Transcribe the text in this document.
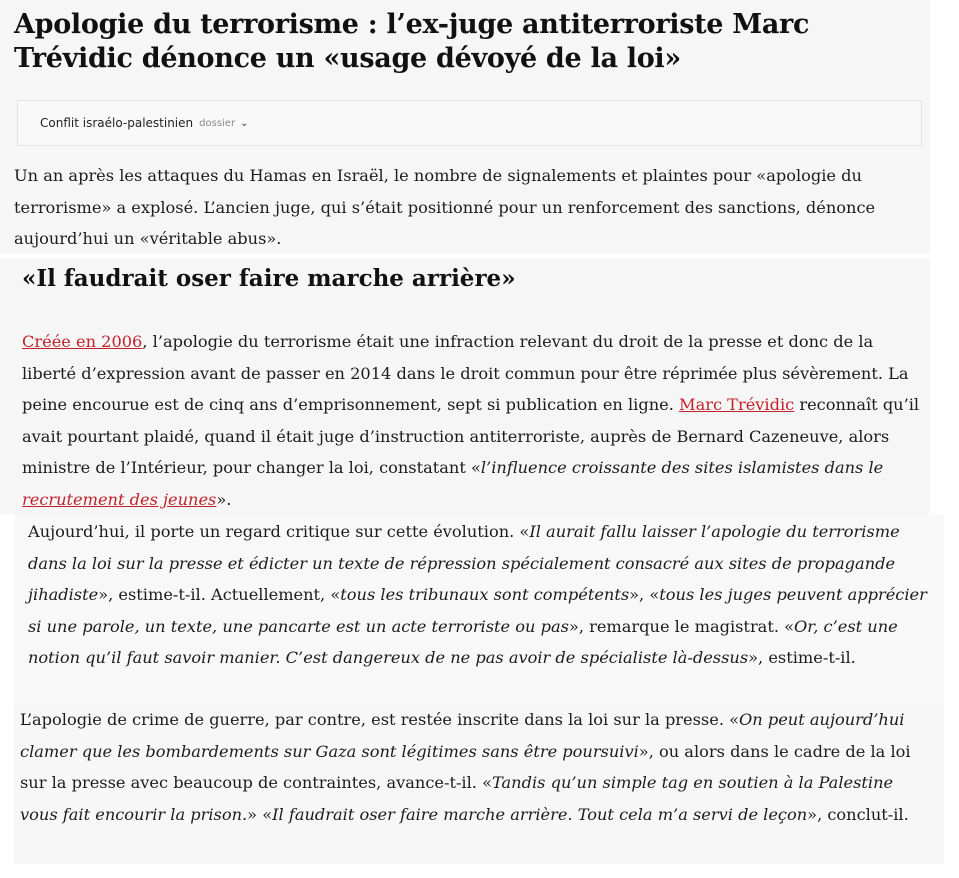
Apologie du terrorisme : l’ex-juge antiterroriste Marc Trévidic dénonce un «usage dévoyé de la loi»
Conflit israélo-palestinien dossier ⌄

Un an après les attaques du Hamas en Israël, le nombre de signalements et plaintes pour «apologie du terrorisme» a explosé. L’ancien juge, qui s’était positionné pour un renforcement des sanctions, dénonce aujourd’hui un «véritable abus».

«Il faudrait oser faire marche arrière»

Créée en 2006, l’apologie du terrorisme était une infraction relevant du droit de la presse et donc de la liberté d’expression avant de passer en 2014 dans le droit commun pour être réprimée plus sévèrement. La peine encourue est de cinq ans d’emprisonnement, sept si publication en ligne. Marc Trévidic reconnaît qu’il avait pourtant plaidé, quand il était juge d’instruction antiterroriste, auprès de Bernard Cazeneuve, alors ministre de l’Intérieur, pour changer la loi, constatant «l’influence croissante des sites islamistes dans le recrutement des jeunes».

Aujourd’hui, il porte un regard critique sur cette évolution. «Il aurait fallu laisser l’apologie du terrorisme dans la loi sur la presse et édicter un texte de répression spécialement consacré aux sites de propagande jihadiste», estime-t-il. Actuellement, «tous les tribunaux sont compétents», «tous les juges peuvent apprécier si une parole, un texte, une pancarte est un acte terroriste ou pas», remarque le magistrat. «Or, c’est une notion qu’il faut savoir manier. C’est dangereux de ne pas avoir de spécialiste là-dessus», estime-t-il.

L’apologie de crime de guerre, par contre, est restée inscrite dans la loi sur la presse. «On peut aujourd’hui clamer que les bombardements sur Gaza sont légitimes sans être poursuivi», ou alors dans le cadre de la loi sur la presse avec beaucoup de contraintes, avance-t-il. «Tandis qu’un simple tag en soutien à la Palestine vous fait encourir la prison.» «Il faudrait oser faire marche arrière. Tout cela m’a servi de leçon», conclut-il.
